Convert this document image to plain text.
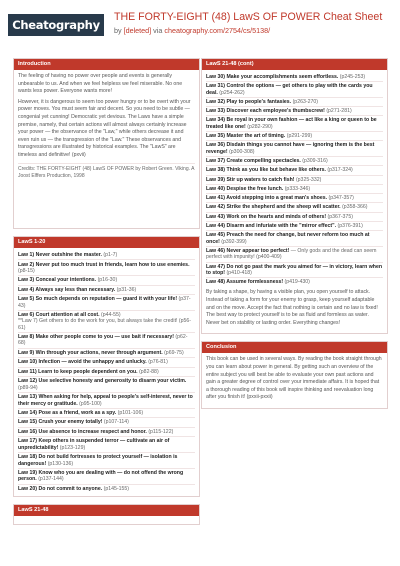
Cheatography
THE FORTY-EIGHT (48) LawS OF POWER Cheat Sheet
by [deleted] via cheatography.com/2754/cs/5138/
Introduction

The feeling of having no power over people and events is generally unbearable to us. And when we feel helpless we feel miserable. No one wants less power. Everyone wants more!

However, it is dangerous to seem too power hungry or to be overt with your power moves. You must seem fair and decent. So you need to be subtle — congenial yet cunning! Democratic yet devious. The Laws have a simple premise, namely, that certain actions will almost always certainly increase your power — the observance of the "Law," while others decrease it and even ruin us — the transgression of the "Law." These observances and transgressions are illustrated by historical examples. The "LawS" are timeless and definitive! (pxvii)

Credits: THE FORTY-EIGHT (48) LawS OF POWER by Robert Green. Viking. A Joost Elffers Production, 1998
LawS 1-20
Law 1) Never outshine the master. (p1-7)
Law 2) Never put too much trust in friends, learn how to use enemies. (p8-15)
Law 3) Conceal your intentions. (p16-30)
Law 4) Always say less than necessary. (p31-36)
Law 5) So much depends on reputation — guard it with your life! (p37-43)
Law 6) Court attention at all cost. (p44-55)
**Law 7) Get others to do the work for you, but always take the credit! (p56-61)
Law 8) Make other people come to you — use bait if necessary! (p62-68)
Law 9) Win through your actions, never through argument. (p69-75)
Law 10) Infection — avoid the unhappy and unlucky. (p76-81)
Law 11) Learn to keep people dependent on you. (p82-88)
Law 12) Use selective honesty and generosity to disarm your victim. (p89-94)
Law 13) When asking for help, appeal to people's self-interest, never to their mercy or gratitude. (p95-100)
Law 14) Pose as a friend, work as a spy. (p101-106)
Law 15) Crush your enemy totally! (p107-114)
Law 16) Use absence to increase respect and honor. (p115-122)
Law 17) Keep others in suspended terror — cultivate an air of unpredictability! (p123-129)
Law 18) Do not build fortresses to protect yourself — isolation is dangerous! (p130-136)
Law 19) Know who you are dealing with — do not offend the wrong person. (p137-144)
Law 20) Do not commit to anyone. (p145-155)
LawS 21-48
LawS 21-48 (cont)
Law 30) Make your accomplishments seem effortless. (p245-253)
Law 31) Control the options — get others to play with the cards you deal. (p254-262)
Law 32) Play to people's fantasies. (p263-270)
Law 33) Discover each employee's thumbscrew! (p271-281)
Law 34) Be royal in your own fashion — act like a king or queen to be treated like one! (p282-290)
Law 35) Master the art of timing. (p291-299)
Law 36) Disdain things you cannot have — ignoring them is the best revenge! (p300-308)
Law 37) Create compelling spectacles. (p309-316)
Law 38) Think as you like but behave like others. (p317-324)
Law 39) Stir up waters to catch fish! (p325-332)
Law 40) Despise the free lunch. (p333-346)
Law 41) Avoid stepping into a great man's shoes. (p347-357)
Law 42) Strike the shepherd and the sheep will scatter. (p358-366)
Law 43) Work on the hearts and minds of others! (p367-375)
Law 44) Disarm and infuriate with the "mirror effect". (p376-391)
Law 45) Preach the need for change, but never reform too much at once! (p392-399)
Law 46) Never appear too perfect! — Only gods and the dead can seem perfect with impunity! (p400-409)
Law 47) Do not go past the mark you aimed for — in victory, learn when to stop! (p410-418)
Law 48) Assume formlessness! (p419-430)

By taking a shape, by having a visible plan, you open yourself to attack. Instead of taking a form for your enemy to grasp, keep yourself adaptable and on the move. Accept the fact that nothing is certain and no law is fixed! The best way to protect yourself is to be as fluid and formless as water. Never bet on stability or lasting order. Everything changes!

Conclusion

This book can be used in several ways. By reading the book straight through you can learn about power in general. By getting such an overview of the entire subject you will best be able to evaluate your own past actions and gain a greater degree of control over your immediate affairs. It is hoped that a thorough reading of this book will inspire thinking and reevaluation long after you finish it! (pxxii-pxxii)
